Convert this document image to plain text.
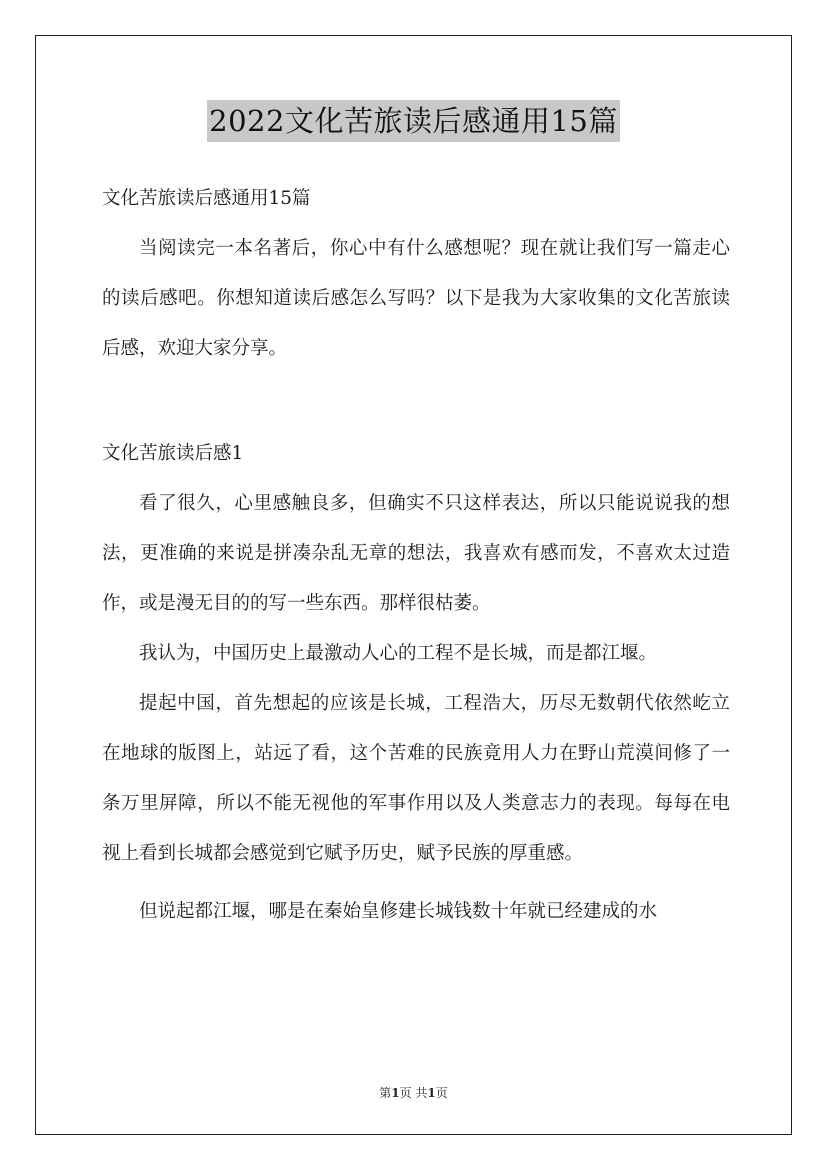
2022文化苦旅读后感通用15篇

文化苦旅读后感通用15篇

当阅读完一本名著后，你心中有什么感想呢？现在就让我们写一篇走心的读后感吧。你想知道读后感怎么写吗？以下是我为大家收集的文化苦旅读后感，欢迎大家分享。

文化苦旅读后感1

看了很久，心里感触良多，但确实不只这样表达，所以只能说说我的想法，更准确的来说是拼凑杂乱无章的想法，我喜欢有感而发，不喜欢太过造作，或是漫无目的的写一些东西。那样很枯萎。

我认为，中国历史上最激动人心的工程不是长城，而是都江堰。

提起中国，首先想起的应该是长城，工程浩大，历尽无数朝代依然屹立在地球的版图上，站远了看，这个苦难的民族竟用人力在野山荒漠间修了一条万里屏障，所以不能无视他的军事作用以及人类意志力的表现。每每在电视上看到长城都会感觉到它赋予历史，赋予民族的厚重感。

但说起都江堰，哪是在秦始皇修建长城钱数十年就已经建成的水

第1页 共1页
